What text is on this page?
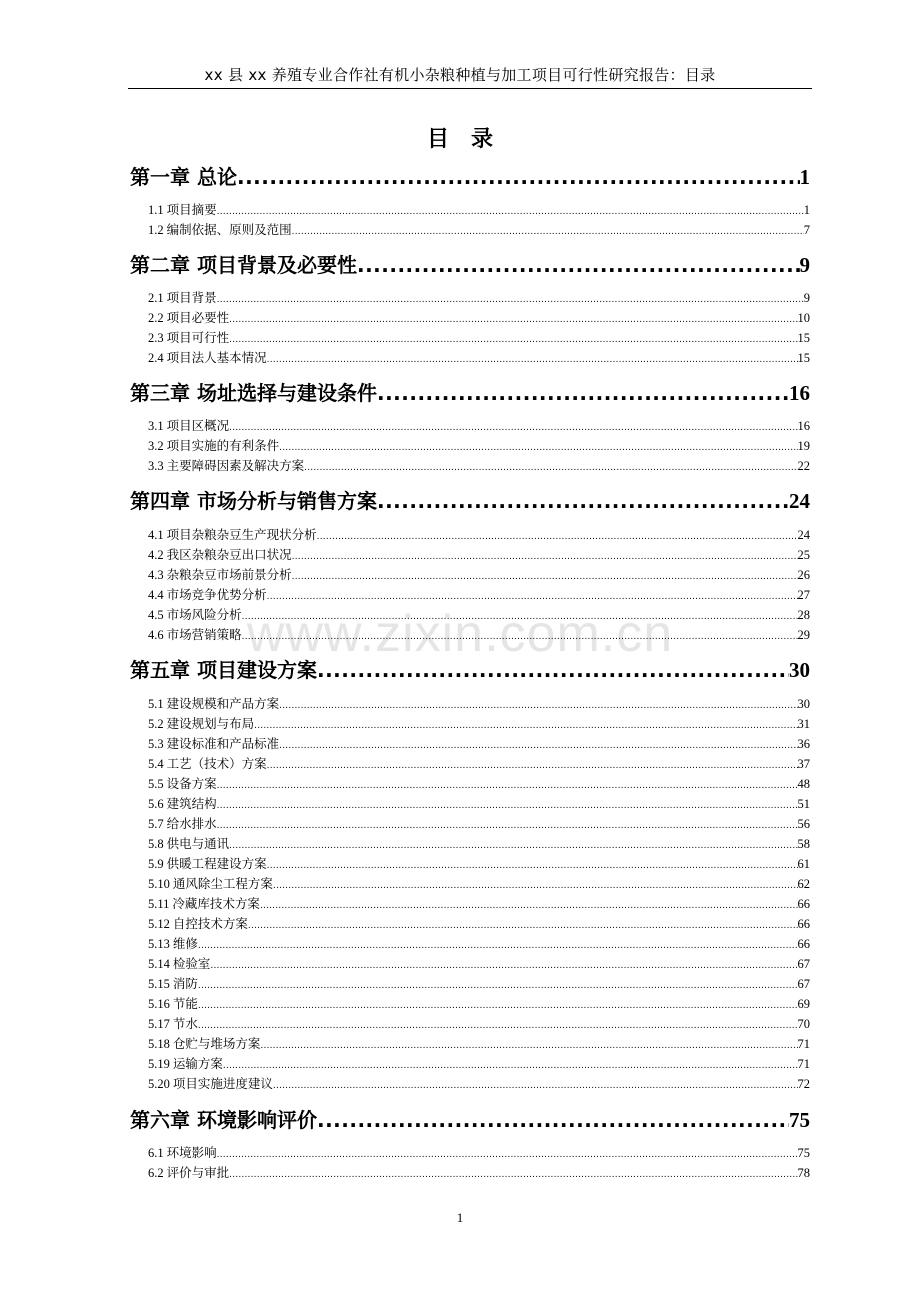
xx 县 xx 养殖专业合作社有机小杂粮种植与加工项目可行性研究报告：目录
目　录
www.zixin.com.cn
第一章 总论 .....	1
1.1 项目摘要 .....	1
1.2 编制依据、原则及范围 .....	7
第二章 项目背景及必要性 .....	9
2.1 项目背景 .....	9
2.2 项目必要性 .....	10
2.3 项目可行性 .....	15
2.4 项目法人基本情况 .....	15
第三章 场址选择与建设条件 .....	16
3.1 项目区概况 .....	16
3.2 项目实施的有利条件 .....	19
3.3 主要障碍因素及解决方案 .....	22
第四章 市场分析与销售方案 .....	24
4.1 项目杂粮杂豆生产现状分析 .....	24
4.2 我区杂粮杂豆出口状况 .....	25
4.3 杂粮杂豆市场前景分析 .....	26
4.4 市场竞争优势分析 .....	27
4.5 市场风险分析 .....	28
4.6 市场营销策略 .....	29
第五章 项目建设方案 .....	30
5.1 建设规模和产品方案 .....	30
5.2 建设规划与布局 .....	31
5.3 建设标准和产品标准 .....	36
5.4 工艺（技术）方案 .....	37
5.5 设备方案 .....	48
5.6 建筑结构 .....	51
5.7 给水排水 .....	56
5.8 供电与通讯 .....	58
5.9 供暖工程建设方案 .....	61
5.10 通风除尘工程方案 .....	62
5.11 冷藏库技术方案 .....	66
5.12 自控技术方案 .....	66
5.13 维修 .....	66
5.14 检验室 .....	67
5.15 消防 .....	67
5.16 节能 .....	69
5.17 节水 .....	70
5.18 仓贮与堆场方案 .....	71
5.19 运输方案 .....	71
5.20 项目实施进度建议 .....	72
第六章 环境影响评价 .....	75
6.1 环境影响 .....	75
6.2 评价与审批 .....	78
1
